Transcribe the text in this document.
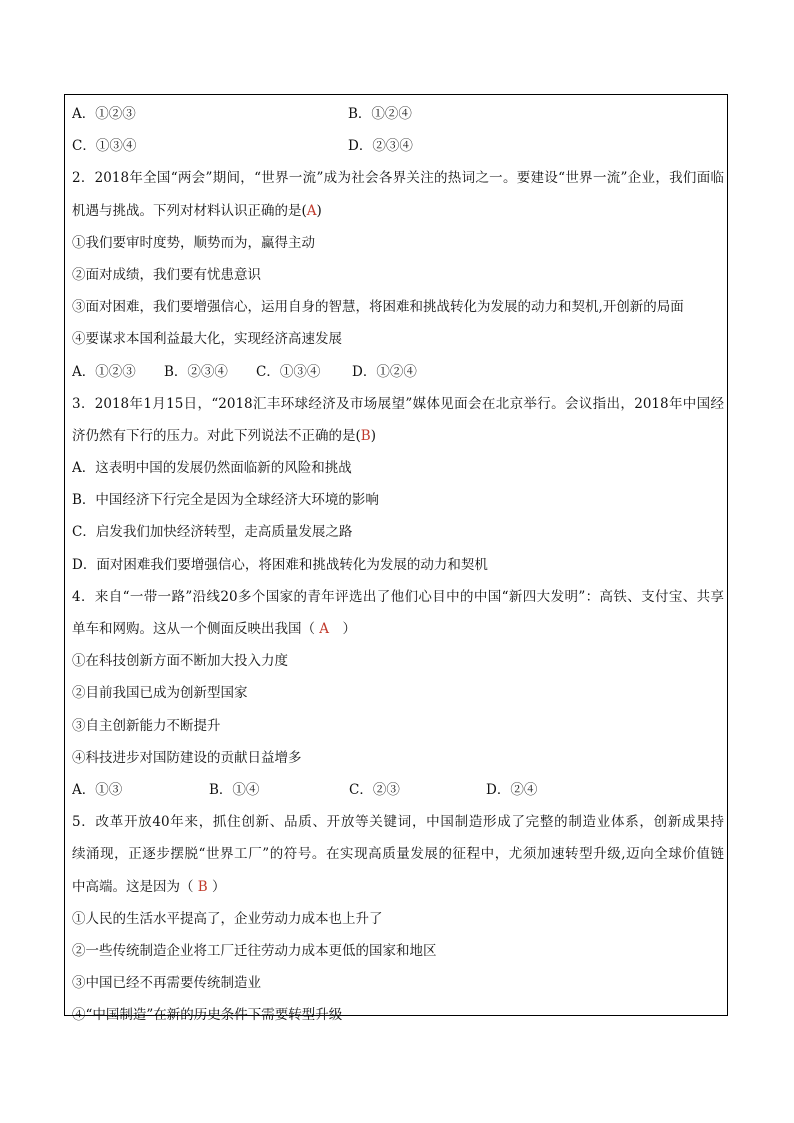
A．①②③	B．①②④
C．①③④	D．②③④
2．2018年全国“两会”期间，“世界一流”成为社会各界关注的热词之一。要建设“世界一流”企业，我们面临
机遇与挑战。下列对材料认识正确的是(A)
①我们要审时度势，顺势而为，赢得主动
②面对成绩，我们要有忧患意识
③面对困难，我们要增强信心，运用自身的智慧，将困难和挑战转化为发展的动力和契机,开创新的局面
④要谋求本国利益最大化，实现经济高速发展
A．①②③ B．②③④ C．①③④ D．①②④
3．2018年1月15日，“2018汇丰环球经济及市场展望”媒体见面会在北京举行。会议指出，2018年中国经
济仍然有下行的压力。对此下列说法不正确的是(B)
A．这表明中国的发展仍然面临新的风险和挑战
B．中国经济下行完全是因为全球经济大环境的影响
C．启发我们加快经济转型，走高质量发展之路
D．面对困难我们要增强信心，将困难和挑战转化为发展的动力和契机
4．来自“一带一路”沿线20多个国家的青年评选出了他们心目中的中国“新四大发明”：高铁、支付宝、共享
单车和网购。这从一个侧面反映出我国（ A　）
①在科技创新方面不断加大投入力度
②目前我国已成为创新型国家
③自主创新能力不断提升
④科技进步对国防建设的贡献日益增多
A．①③	B．①④	C．②③	D．②④
5．改革开放40年来，抓住创新、品质、开放等关键词，中国制造形成了完整的制造业体系，创新成果持
续涌现，正逐步摆脱“世界工厂”的符号。在实现高质量发展的征程中，尤须加速转型升级,迈向全球价值链
中高端。这是因为（ B ）
①人民的生活水平提高了，企业劳动力成本也上升了
②一些传统制造企业将工厂迁往劳动力成本更低的国家和地区
③中国已经不再需要传统制造业
④“中国制造”在新的历史条件下需要转型升级
